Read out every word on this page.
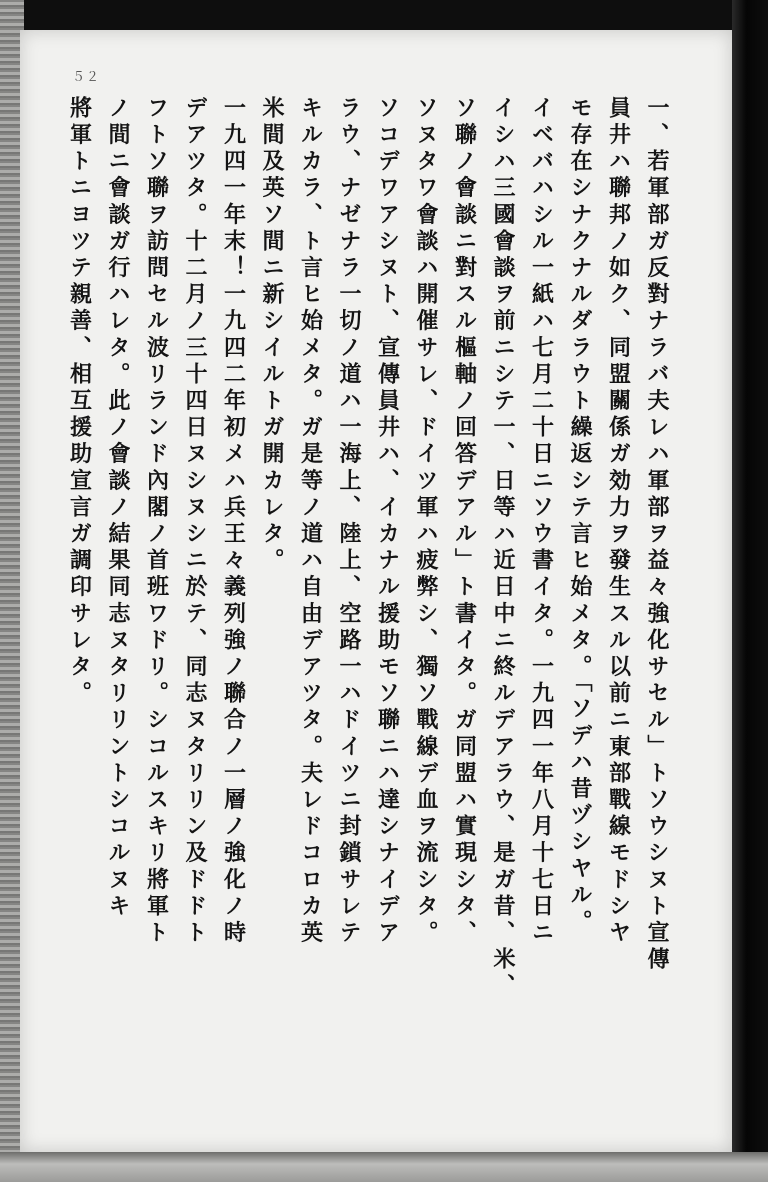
５２
一、若軍部ガ反對ナラバ夫レハ軍部ヲ益々強化サセル」トソウシヌト宣傳
員井ハ聯邦ノ如ク、同盟關係ガ効力ヲ發生スル以前ニ東部戰線モドシヤ
モ存在シナクナルダラウト繰返シテ言ヒ始メタ。「ソデハ昔ヅシヤル。
イベバハシル一紙ハ七月二十日ニソウ書イタ。一九四一年八月十七日ニ
イシハ三國會談ヲ前ニシテ一、日等ハ近日中ニ終ルデアラウ、是ガ昔、米、
ソ聯ノ會談ニ對スル樞軸ノ回答デアル」ト書イタ。ガ同盟ハ實現シタ、
ソヌタワ會談ハ開催サレ、ドイツ軍ハ疲弊シ、獨ソ戰線デ血ヲ流シタ。
ソコデワアシヌト、宣傳員井ハ、イカナル援助モソ聯ニハ達シナイデア
ラウ、ナゼナラ一切ノ道ハ一海上、陸上、空路一ハドイツニ封鎖サレテ
キルカラ、ト言ヒ始メタ。ガ是等ノ道ハ自由デアツタ。夫レドコロカ英
米間及英ソ間ニ新シイルトガ開カレタ。
一九四一年末！一九四二年初メハ兵王々義列強ノ聯合ノ一層ノ強化ノ時
デアツタ。十二月ノ三十四日ヌシヌシニ於テ、同志ヌタリリン及ドドト
フトソ聯ヲ訪問セル波リランド內閣ノ首班ワドリ。シコルスキリ將軍ト
ノ間ニ會談ガ行ハレタ。此ノ會談ノ結果同志ヌタリリントシコルヌキ
將軍トニヨツテ親善、相互援助宣言ガ調印サレタ。
